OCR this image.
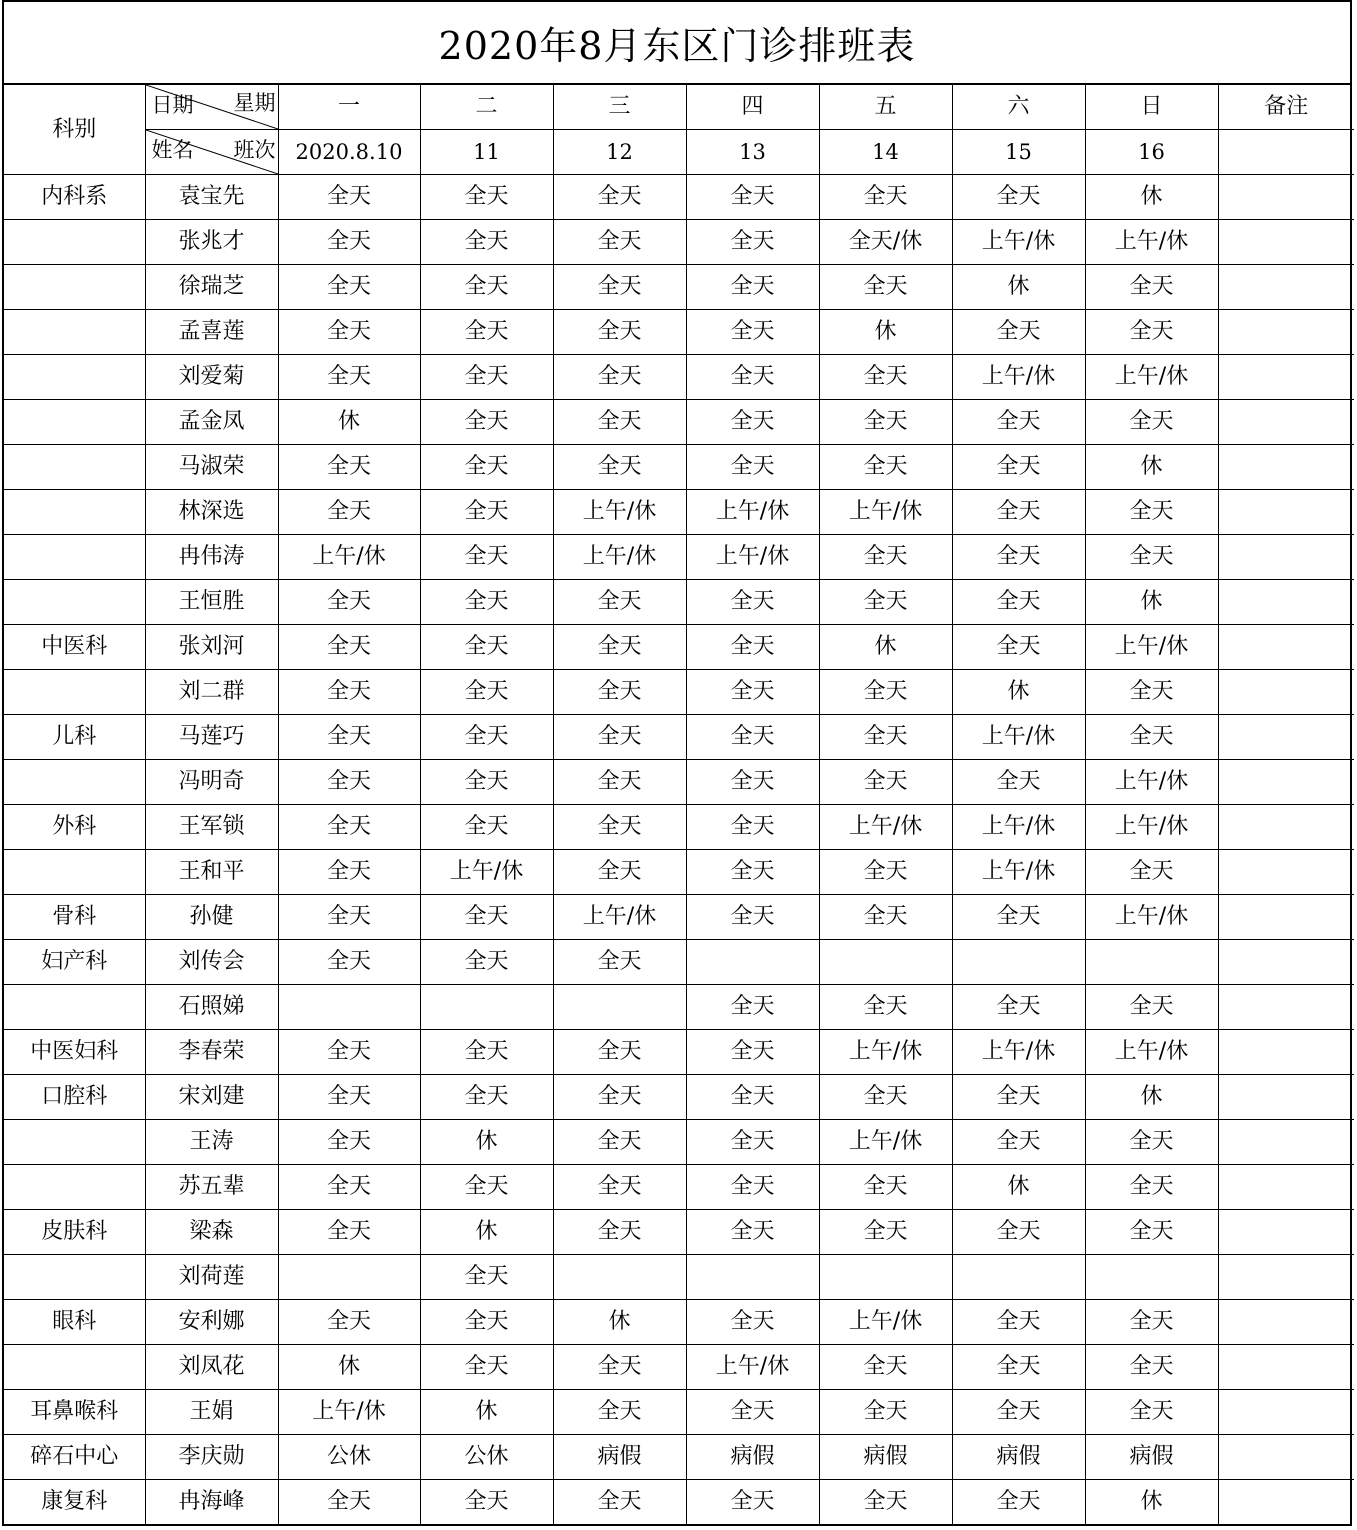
2020年8月东区门诊排班表
科别	日期 星期	一	二	三	四	五	六	日	备注

	姓名 班次	2020.8.10	11	12	13	14	15	16	
内科系	袁宝先	全天	全天	全天	全天	全天	全天	休	
	张兆才	全天	全天	全天	全天	全天/休	上午/休	上午/休	
	徐瑞芝	全天	全天	全天	全天	全天	休	全天	
	孟喜莲	全天	全天	全天	全天	休	全天	全天	
	刘爱菊	全天	全天	全天	全天	全天	上午/休	上午/休	
	孟金凤	休	全天	全天	全天	全天	全天	全天	
	马淑荣	全天	全天	全天	全天	全天	全天	休	
	林深选	全天	全天	上午/休	上午/休	上午/休	全天	全天	
	冉伟涛	上午/休	全天	上午/休	上午/休	全天	全天	全天	
	王恒胜	全天	全天	全天	全天	全天	全天	休	
中医科	张刘河	全天	全天	全天	全天	休	全天	上午/休	
	刘二群	全天	全天	全天	全天	全天	休	全天	
儿科	马莲巧	全天	全天	全天	全天	全天	上午/休	全天	
	冯明奇	全天	全天	全天	全天	全天	全天	上午/休	
外科	王军锁	全天	全天	全天	全天	上午/休	上午/休	上午/休	
	王和平	全天	上午/休	全天	全天	全天	上午/休	全天	
骨科	孙健	全天	全天	上午/休	全天	全天	全天	上午/休	
妇产科	刘传会	全天	全天	全天					
	石照娣				全天	全天	全天	全天	
中医妇科	李春荣	全天	全天	全天	全天	上午/休	上午/休	上午/休	
口腔科	宋刘建	全天	全天	全天	全天	全天	全天	休	
	王涛	全天	休	全天	全天	上午/休	全天	全天	
	苏五辈	全天	全天	全天	全天	全天	休	全天	
皮肤科	梁森	全天	休	全天	全天	全天	全天	全天	
	刘荷莲		全天						
眼科	安利娜	全天	全天	休	全天	上午/休	全天	全天	
	刘凤花	休	全天	全天	上午/休	全天	全天	全天	
耳鼻喉科	王娟	上午/休	休	全天	全天	全天	全天	全天	
碎石中心	李庆勋	公休	公休	病假	病假	病假	病假	病假	
康复科	冉海峰	全天	全天	全天	全天	全天	全天	休	
